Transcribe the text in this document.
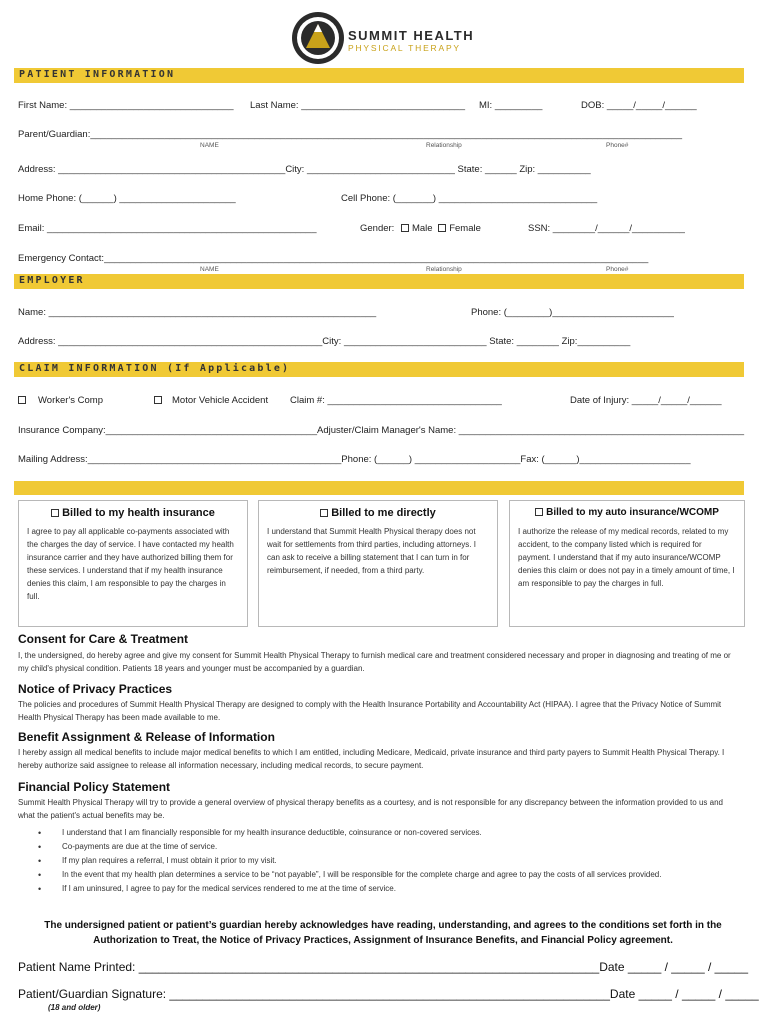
SUMMIT HEALTH
PHYSICAL THERAPY
PATIENT INFORMATION
First Name: _______________________________ Last Name: _______________________________ MI: _________	DOB: _____/_____/______
Parent/Guardian:________________________________________________________________________________________________________________
NAME	Relationship	Phone#
Address: ___________________________________________City: ____________________________ State: ______ Zip: __________
Home Phone: (______) ______________________	Cell Phone: (_______) ______________________________
Email: ___________________________________________________	Gender: Male Female	SSN: ________/______/__________
Emergency Contact:_______________________________________________________________________________________________________
NAME	Relationship	Phone#
EMPLOYER
Name: ______________________________________________________________	Phone: (________)_______________________
Address: __________________________________________________City: ___________________________ State: ________ Zip:__________
CLAIM INFORMATION (If Applicable)
Worker's Comp	Motor Vehicle Accident Claim #: _________________________________	Date of Injury: _____/_____/______
Insurance Company:________________________________________Adjuster/Claim Manager's Name: ______________________________________________________
Mailing Address:________________________________________________Phone: (______) ____________________Fax: (______)_____________________
Billed to my health insurance
I agree to pay all applicable co-payments associated with the charges the day of service. I have contacted my health insurance carrier and they have authorized billing them for these services. I understand that if my health insurance denies this claim, I am responsible to pay the charges in full.
Billed to me directly
I understand that Summit Health Physical therapy does not wait for settlements from third parties, including attorneys. I can ask to receive a billing statement that I can turn in for reimbursement, if needed, from a third party.
Billed to my auto insurance/WCOMP
I authorize the release of my medical records, related to my accident, to the company listed which is required for payment. I understand that if my auto insurance/WCOMP denies this claim or does not pay in a timely amount of time, I am responsible to pay the charges in full.
Consent for Care & Treatment
I, the undersigned, do hereby agree and give my consent for Summit Health Physical Therapy to furnish medical care and treatment considered necessary and proper in diagnosing and treating of me or my child's physical condition. Patients 18 years and younger must be accompanied by a guardian.
Notice of Privacy Practices
The policies and procedures of Summit Health Physical Therapy are designed to comply with the Health Insurance Portability and Accountability Act (HIPAA). I agree that the Privacy Notice of Summit Health Physical Therapy has been made available to me.
Benefit Assignment & Release of Information
I hereby assign all medical benefits to include major medical benefits to which I am entitled, including Medicare, Medicaid, private insurance and third party payers to Summit Health Physical Therapy. I hereby authorize said assignee to release all information necessary, including medical records, to secure payment.
Financial Policy Statement
Summit Health Physical Therapy will try to provide a general overview of physical therapy benefits as a courtesy, and is not responsible for any discrepancy between the information provided to us and what the patient's actual benefits may be.
• I understand that I am financially responsible for my health insurance deductible, coinsurance or non-covered services.
• Co-payments are due at the time of service.
• If my plan requires a referral, I must obtain it prior to my visit.
• In the event that my health plan determines a service to be “not payable”, I will be responsible for the complete charge and agree to pay the costs of all services provided.
• If I am uninsured, I agree to pay for the medical services rendered to me at the time of service.
The undersigned patient or patient’s guardian hereby acknowledges have reading, understanding, and agrees to the conditions set forth in the Authorization to Treat, the Notice of Privacy Practices, Assignment of Insurance Benefits, and Financial Policy agreement.
Patient Name Printed: _____________________________________________________________________Date _____ / _____ / _____
Patient/Guardian Signature: __________________________________________________________________Date _____ / _____ / _____
(18 and older)
